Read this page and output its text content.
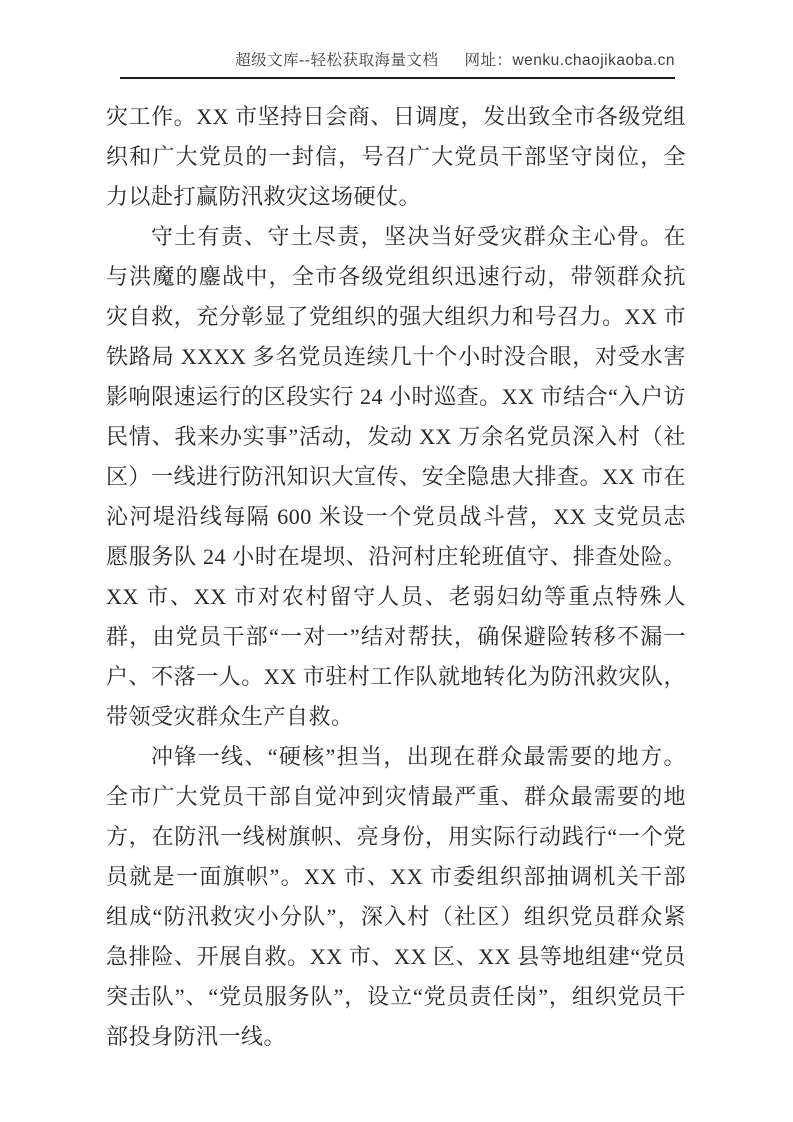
超级文库--轻松获取海量文档 网址：wenku.chaojikaoba.cn

灾工作。XX 市坚持日会商、日调度，发出致全市各级党组织和广大党员的一封信，号召广大党员干部坚守岗位，全力以赴打赢防汛救灾这场硬仗。

守土有责、守土尽责，坚决当好受灾群众主心骨。在与洪魔的鏖战中，全市各级党组织迅速行动，带领群众抗灾自救，充分彰显了党组织的强大组织力和号召力。XX 市铁路局 XXXX 多名党员连续几十个小时没合眼，对受水害影响限速运行的区段实行 24 小时巡查。XX 市结合“入户访民情、我来办实事”活动，发动 XX 万余名党员深入村（社区）一线进行防汛知识大宣传、安全隐患大排查。XX 市在沁河堤沿线每隔 600 米设一个党员战斗营，XX 支党员志愿服务队 24 小时在堤坝、沿河村庄轮班值守、排查处险。XX 市、XX 市对农村留守人员、老弱妇幼等重点特殊人群，由党员干部“一对一”结对帮扶，确保避险转移不漏一户、不落一人。XX 市驻村工作队就地转化为防汛救灾队，带领受灾群众生产自救。

冲锋一线、“硬核”担当，出现在群众最需要的地方。全市广大党员干部自觉冲到灾情最严重、群众最需要的地方，在防汛一线树旗帜、亮身份，用实际行动践行“一个党员就是一面旗帜”。XX 市、XX 市委组织部抽调机关干部组成“防汛救灾小分队”，深入村（社区）组织党员群众紧急排险、开展自救。XX 市、XX 区、XX 县等地组建“党员突击队”、“党员服务队”，设立“党员责任岗”，组织党员干部投身防汛一线。
